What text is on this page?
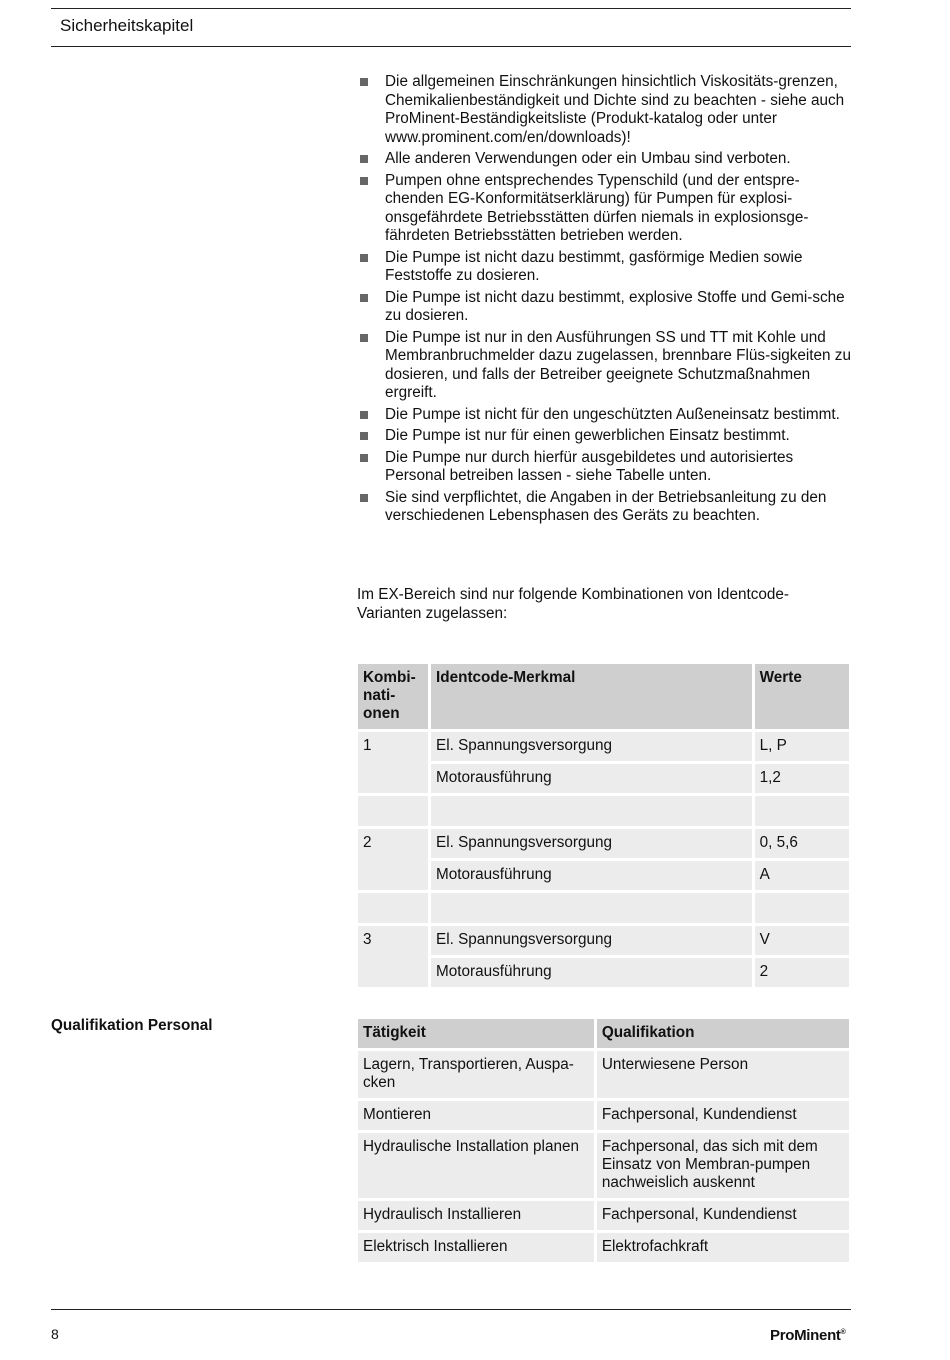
Sicherheitskapitel
Die allgemeinen Einschränkungen hinsichtlich Viskositäts-grenzen, Chemikalienbeständigkeit und Dichte sind zu beachten - siehe auch ProMinent-Beständigkeitsliste (Produkt-katalog oder unter www.prominent.com/en/downloads)!
Alle anderen Verwendungen oder ein Umbau sind verboten.
Pumpen ohne entsprechendes Typenschild (und der entspre-chenden EG-Konformitätserklärung) für Pumpen für explosi-onsgefährdete Betriebsstätten dürfen niemals in explosionsge-fährdeten Betriebsstätten betrieben werden.
Die Pumpe ist nicht dazu bestimmt, gasförmige Medien sowie Feststoffe zu dosieren.
Die Pumpe ist nicht dazu bestimmt, explosive Stoffe und Gemi-sche zu dosieren.
Die Pumpe ist nur in den Ausführungen SS und TT mit Kohle und Membranbruchmelder dazu zugelassen, brennbare Flüs-sigkeiten zu dosieren, und falls der Betreiber geeignete Schutzmaßnahmen ergreift.
Die Pumpe ist nicht für den ungeschützten Außeneinsatz bestimmt.
Die Pumpe ist nur für einen gewerblichen Einsatz bestimmt.
Die Pumpe nur durch hierfür ausgebildetes und autorisiertes Personal betreiben lassen - siehe Tabelle unten.
Sie sind verpflichtet, die Angaben in der Betriebsanleitung zu den verschiedenen Lebensphasen des Geräts zu beachten.
Im EX-Bereich sind nur folgende Kombinationen von Identcode-Varianten zugelassen:
Kombi-nati-onen	Identcode-Merkmal	Werte
1	El. Spannungsversorgung	L, P
	Motorausführung	1,2

2	El. Spannungsversorgung	0, 5,6
	Motorausführung	A

3	El. Spannungsversorgung	V
	Motorausführung	2
Qualifikation Personal	Tätigkeit	Qualifikation
Lagern, Transportieren, Auspa-cken	Unterwiesene Person
Montieren	Fachpersonal, Kundendienst
Hydraulische Installation planen	Fachpersonal, das sich mit dem Einsatz von Membran-pumpen nachweislich auskennt
Hydraulisch Installieren	Fachpersonal, Kundendienst
Elektrisch Installieren	Elektrofachkraft
8	ProMinent®
